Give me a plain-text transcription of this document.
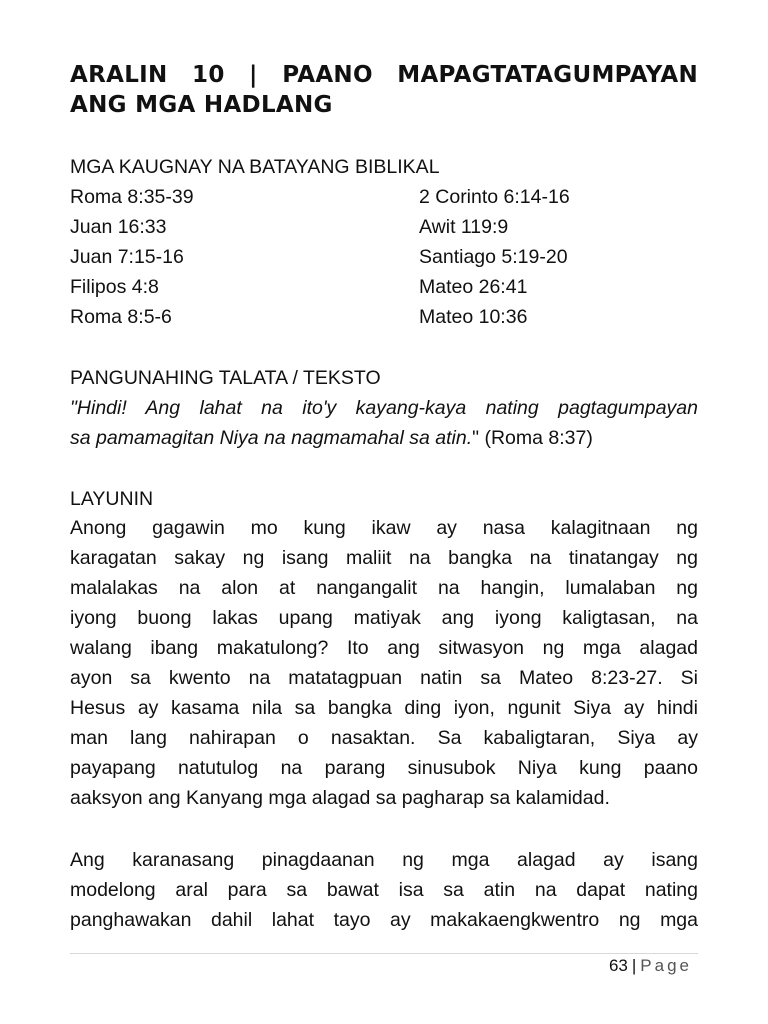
ARALIN 10 | PAANO MAPAGTATAGUMPAYAN
ANG MGA HADLANG
MGA KAUGNAY NA BATAYANG BIBLIKAL
Roma 8:35-39	2 Corinto 6:14-16
Juan 16:33	Awit 119:9
Juan 7:15-16	Santiago 5:19-20
Filipos 4:8	Mateo 26:41
Roma 8:5-6	Mateo 10:36
PANGUNAHING TALATA / TEKSTO
"Hindi! Ang lahat na ito'y kayang-kaya nating pagtagumpayan
sa pamamagitan Niya na nagmamahal sa atin." (Roma 8:37)
LAYUNIN
Anong gagawin mo kung ikaw ay nasa kalagitnaan ng
karagatan sakay ng isang maliit na bangka na tinatangay ng
malalakas na alon at nangangalit na hangin, lumalaban ng
iyong buong lakas upang matiyak ang iyong kaligtasan, na
walang ibang makatulong? Ito ang sitwasyon ng mga alagad
ayon sa kwento na matatagpuan natin sa Mateo 8:23-27. Si
Hesus ay kasama nila sa bangka ding iyon, ngunit Siya ay hindi
man lang nahirapan o nasaktan. Sa kabaligtaran, Siya ay
payapang natutulog na parang sinusubok Niya kung paano
aaksyon ang Kanyang mga alagad sa pagharap sa kalamidad.
Ang karanasang pinagdaanan ng mga alagad ay isang
modelong aral para sa bawat isa sa atin na dapat nating
panghawakan dahil lahat tayo ay makakaengkwentro ng mga
63 | Page
